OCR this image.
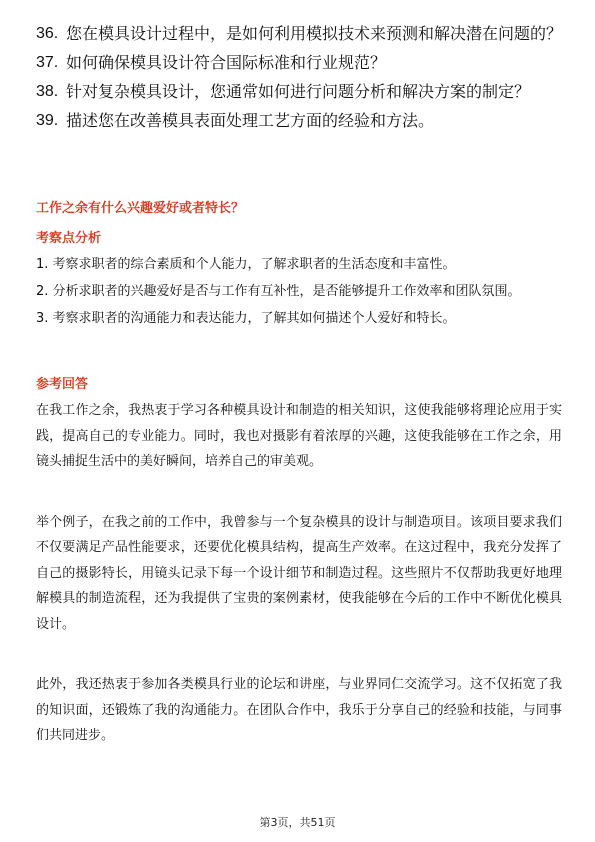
36. 您在模具设计过程中，是如何利用模拟技术来预测和解决潜在问题的？
37. 如何确保模具设计符合国际标准和行业规范？
38. 针对复杂模具设计，您通常如何进行问题分析和解决方案的制定？
39. 描述您在改善模具表面处理工艺方面的经验和方法。
工作之余有什么兴趣爱好或者特长？
考察点分析
1. 考察求职者的综合素质和个人能力，了解求职者的生活态度和丰富性。
2. 分析求职者的兴趣爱好是否与工作有互补性，是否能够提升工作效率和团队氛围。
3. 考察求职者的沟通能力和表达能力，了解其如何描述个人爱好和特长。
参考回答
在我工作之余，我热衷于学习各种模具设计和制造的相关知识，这使我能够将理论应用于实践，提高自己的专业能力。同时，我也对摄影有着浓厚的兴趣，这使我能够在工作之余，用镜头捕捉生活中的美好瞬间，培养自己的审美观。
举个例子，在我之前的工作中，我曾参与一个复杂模具的设计与制造项目。该项目要求我们不仅要满足产品性能要求，还要优化模具结构，提高生产效率。在这过程中，我充分发挥了自己的摄影特长，用镜头记录下每一个设计细节和制造过程。这些照片不仅帮助我更好地理解模具的制造流程，还为我提供了宝贵的案例素材，使我能够在今后的工作中不断优化模具设计。
此外，我还热衷于参加各类模具行业的论坛和讲座，与业界同仁交流学习。这不仅拓宽了我的知识面，还锻炼了我的沟通能力。在团队合作中，我乐于分享自己的经验和技能，与同事们共同进步。
第3页，共51页
